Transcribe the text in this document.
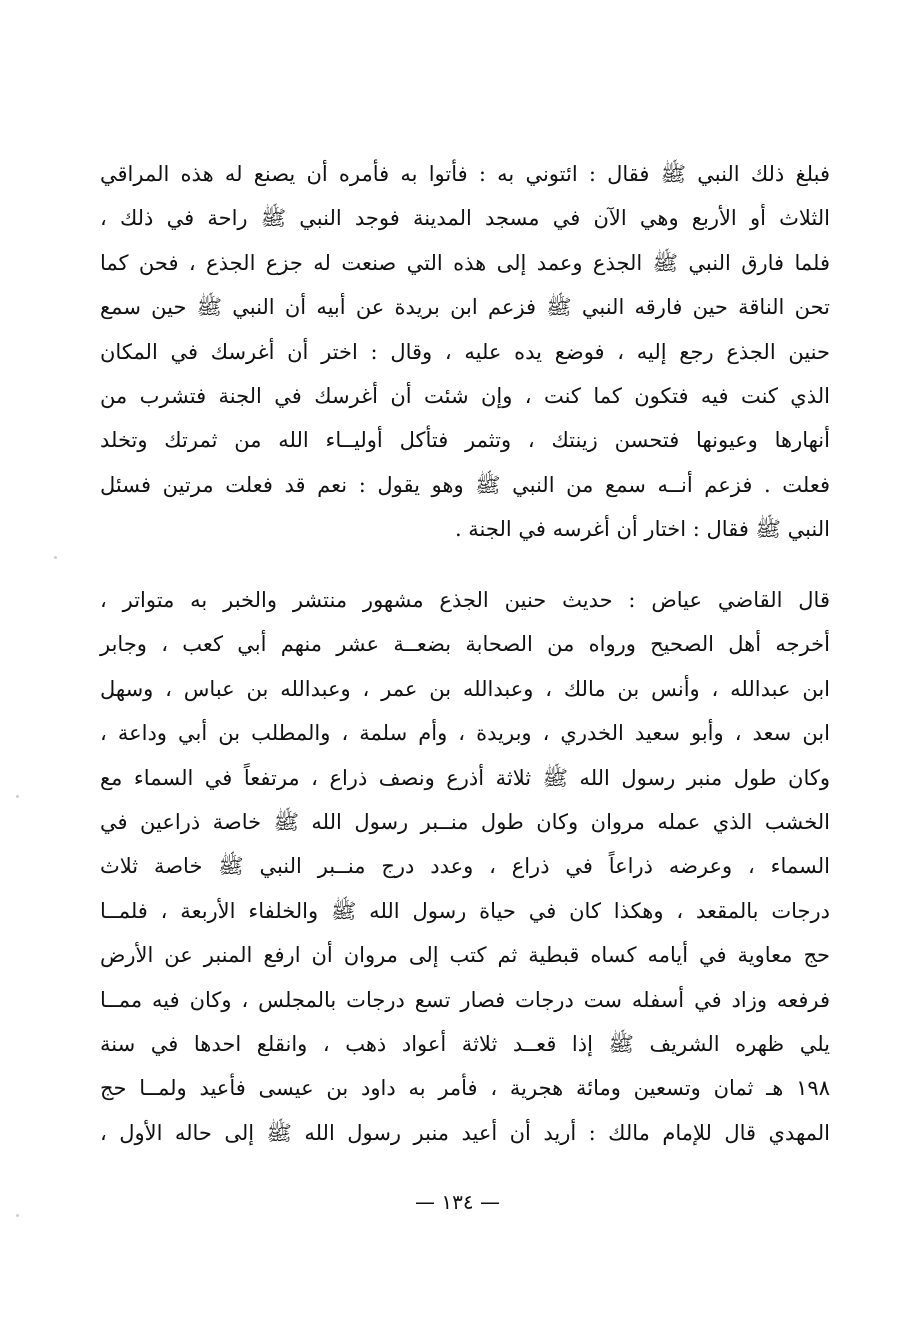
فبلغ ذلك النبي ﷺ فقال : ائتوني به : فأتوا به فأمره أن يصنع له هذه المراقي
الثلاث أو الأربع وهي الآن في مسجد المدينة فوجد النبي ﷺ راحة في ذلك ،
فلما فارق النبي ﷺ الجذع وعمد إلى هذه التي صنعت له جزع الجذع ، فحن كما
تحن الناقة حين فارقه النبي ﷺ فزعم ابن بريدة عن أبيه أن النبي ﷺ حين سمع
حنين الجذع رجع إليه ، فوضع يده عليه ، وقال : اختر أن أغرسك في المكان
الذي كنت فيه فتكون كما كنت ، وإن شئت أن أغرسك في الجنة فتشرب من
أنهارها وعيونها فتحسن زينتك ، وتثمر فتأكل أوليــاء الله من ثمرتك وتخلد
فعلت . فزعم أنــه سمع من النبي ﷺ وهو يقول : نعم قد فعلت مرتين فسئل
النبي ﷺ فقال : اختار أن أغرسه في الجنة .
قال القاضي عياض : حديث حنين الجذع مشهور منتشر والخبر به متواتر ،
أخرجه أهل الصحيح ورواه من الصحابة بضعــة عشر منهم أبي كعب ، وجابر
ابن عبدالله ، وأنس بن مالك ، وعبدالله بن عمر ، وعبدالله بن عباس ، وسهل
ابن سعد ، وأبو سعيد الخدري ، وبريدة ، وأم سلمة ، والمطلب بن أبي وداعة ،
وكان طول منبر رسول الله ﷺ ثلاثة أذرع ونصف ذراع ، مرتفعاً في السماء مع
الخشب الذي عمله مروان وكان طول منــبر رسول الله ﷺ خاصة ذراعين في
السماء ، وعرضه ذراعاً في ذراع ، وعدد درج منــبر النبي ﷺ خاصة ثلاث
درجات بالمقعد ، وهكذا كان في حياة رسول الله ﷺ والخلفاء الأربعة ، فلمــا
حج معاوية في أيامه كساه قبطية ثم كتب إلى مروان أن ارفع المنبر عن الأرض
فرفعه وزاد في أسفله ست درجات فصار تسع درجات بالمجلس ، وكان فيه ممــا
يلي ظهره الشريف ﷺ إذا قعــد ثلاثة أعواد ذهب ، وانقلع احدها في سنة
١٩٨ هـ ثمان وتسعين ومائة هجرية ، فأمر به داود بن عيسى فأعيد ولمــا حج
المهدي قال للإمام مالك : أريد أن أعيد منبر رسول الله ﷺ إلى حاله الأول ،
— ١٣٤ —
